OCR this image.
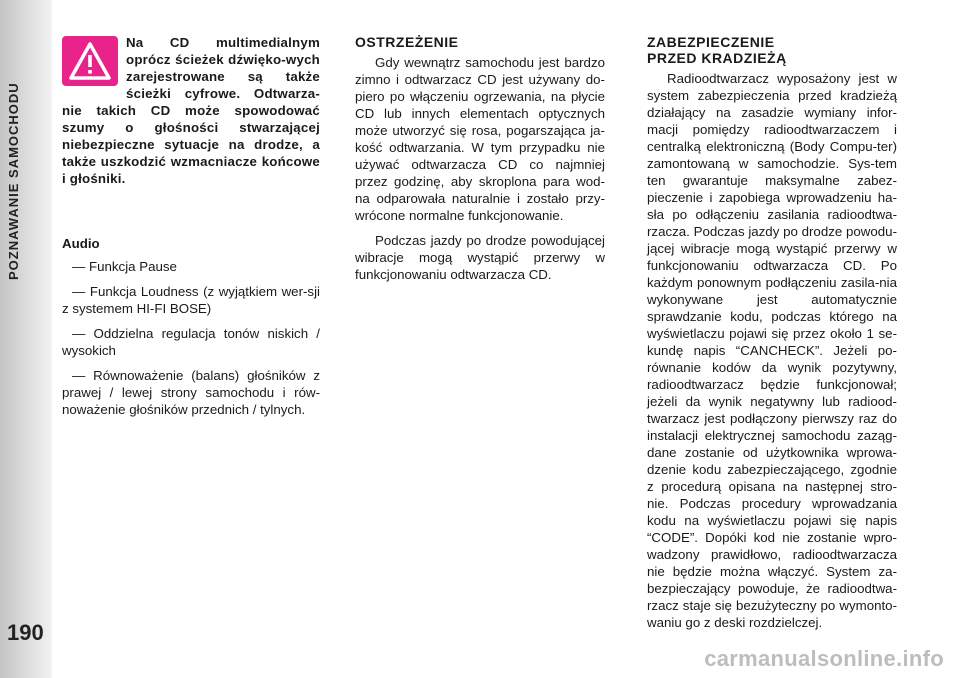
POZNAWANIE SAMOCHODU
190
Na CD multimedialnym oprócz ścieżek dźwięko-wych zarejestrowane są także ścieżki cyfrowe. Odtwarza-nie takich CD może spowodować szumy o głośności stwarzającej niebezpieczne sytuacje na drodze, a także uszkodzić wzmacniacze końcowe i głośniki.
Audio

— Funkcja Pause

— Funkcja Loudness (z wyjątkiem wer-sji z systemem HI-FI BOSE)

— Oddzielna regulacja tonów niskich / wysokich

— Równoważenie (balans) głośników z prawej / lewej strony samochodu i rów-noważenie głośników przednich / tylnych.

OSTRZEŻENIE

Gdy wewnątrz samochodu jest bardzo zimno i odtwarzacz CD jest używany do-piero po włączeniu ogrzewania, na płycie CD lub innych elementach optycznych może utworzyć się rosa, pogarszająca ja-kość odtwarzania. W tym przypadku nie używać odtwarzacza CD co najmniej przez godzinę, aby skroplona para wod-na odparowała naturalnie i zostało przy-wrócone normalne funkcjonowanie.

Podczas jazdy po drodze powodującej wibracje mogą wystąpić przerwy w funkcjonowaniu odtwarzacza CD.

ZABEZPIECZENIE
PRZED KRADZIEŻĄ

Radioodtwarzacz wyposażony jest w system zabezpieczenia przed kradzieżą działający na zasadzie wymiany infor-macji pomiędzy radioodtwarzaczem i centralką elektroniczną (Body Compu-ter) zamontowaną w samochodzie. Sys-tem ten gwarantuje maksymalne zabez-pieczenie i zapobiega wprowadzeniu ha-sła po odłączeniu zasilania radioodtwa-rzacza. Podczas jazdy po drodze powodu-jącej wibracje mogą wystąpić przerwy w funkcjonowaniu odtwarzacza CD. Po każdym ponownym podłączeniu zasila-nia wykonywane jest automatycznie sprawdzanie kodu, podczas którego na wyświetlaczu pojawi się przez około 1 se-kundę napis “CANCHECK”. Jeżeli po-równanie kodów da wynik pozytywny, radioodtwarzacz będzie funkcjonował; jeżeli da wynik negatywny lub radiood-twarzacz jest podłączony pierwszy raz do instalacji elektrycznej samochodu zaząg-dane zostanie od użytkownika wprowa-dzenie kodu zabezpieczającego, zgodnie z procedurą opisana na następnej stro-nie. Podczas procedury wprowadzania kodu na wyświetlaczu pojawi się napis “CODE”. Dopóki kod nie zostanie wpro-wadzony prawidłowo, radioodtwarzacza nie będzie można włączyć. System za-bezpieczający powoduje, że radioodtwa-rzacz staje się bezużyteczny po wymonto-waniu go z deski rozdzielczej.

carmanualsonline.info
